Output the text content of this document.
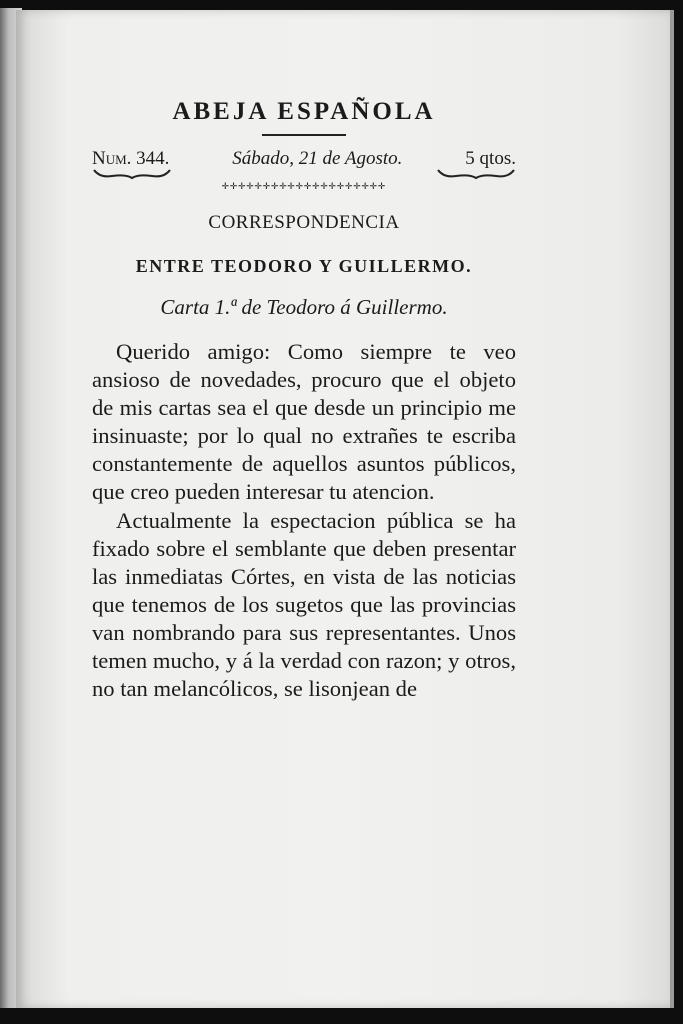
ABEJA ESPAÑOLA
Num. 344.	Sábado, 21 de Agosto.	5 qtos.
✛✛✛✛✛✛✛✛✛✛✛✛✛✛✛✛✛✛✛✛
CORRESPONDENCIA
ENTRE TEODORO Y GUILLERMO.
Carta 1.ª de Teodoro á Guillermo.

Querido amigo: Como siempre te veo ansioso de novedades, procuro que el objeto de mis cartas sea el que desde un principio me insinuaste; por lo qual no extrañes te escriba constantemente de aquellos asuntos públicos, que creo pueden interesar tu atencion.

Actualmente la espectacion pública se ha fixado sobre el semblante que deben presentar las inmediatas Córtes, en vista de las noticias que tenemos de los sugetos que las provincias van nombrando para sus representantes. Unos temen mucho, y á la verdad con razon; y otros, no tan melancólicos, se lisonjean de
